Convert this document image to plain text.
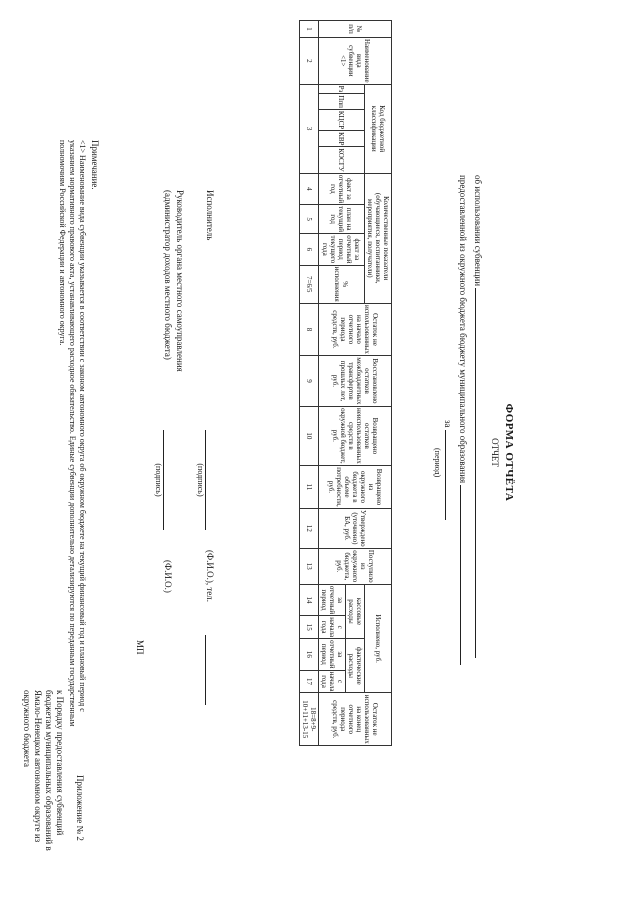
Приложение № 2
к Порядку предоставления субвенций
бюджетам муниципальных образований в
Ямало-Ненецком автономном округе из
окружного бюджета
ФОРМА ОТЧЁТА
ОТЧЕТ
об использовании субвенции
предоставленной из окружного бюджета бюджету муниципального образования
за
(период)
№ п/п	Наименование вида субвенции <1>	Код бюджетной классификации					Количественные показатели (обучающиеся, воспитанники, мероприятия, получатели)				Остаток не использованных на начало отчетного периода средств, руб.	Восстановлено остатков межбюджетных трансфертов прошлых лет, руб.	Возвращено остатков неиспользованных средств в окружной бюджет, руб.	Возвращено из окружного бюджета в объеме потребности, руб.	Утверждено (уточнено) БА, руб.	Поступило из окружного бюджета, руб.	Исполнено, руб.				Остаток не использованных на конец отчетного периода средств, руб.
		Рз	Ппп	КЦСР	КВР	КОСГУ	факт за отчетный год	план на текущий год	факт за отчетный период текущего года	% исполнения							кассовые расходы		фактические расходы		
																	за отчетный период	с начала года	за отчетный период	с начала года	

1	2	3					4	5	6	7=6/5	8	9	10	11	12	13	14	15	16	17	18=8+9-10+11+13-15
Исполнитель
(подпись)
(Ф.И.О.), тел.
Руководитель органа местного самоуправления
(администратор доходов местного бюджета)
(подпись)
(Ф.И.О.)
МП
Примечание.
<1> Наименование вида субвенции указывается в соответствии с законом автономного округа об окружном бюджете на текущий финансовый год и плановый период с
указанием нормативного правового акта, устанавливающего расходное обязательство. Единые субвенции дополнительно детализируются по переданным государственным
полномочиям Российской Федерации и автономного округа.
